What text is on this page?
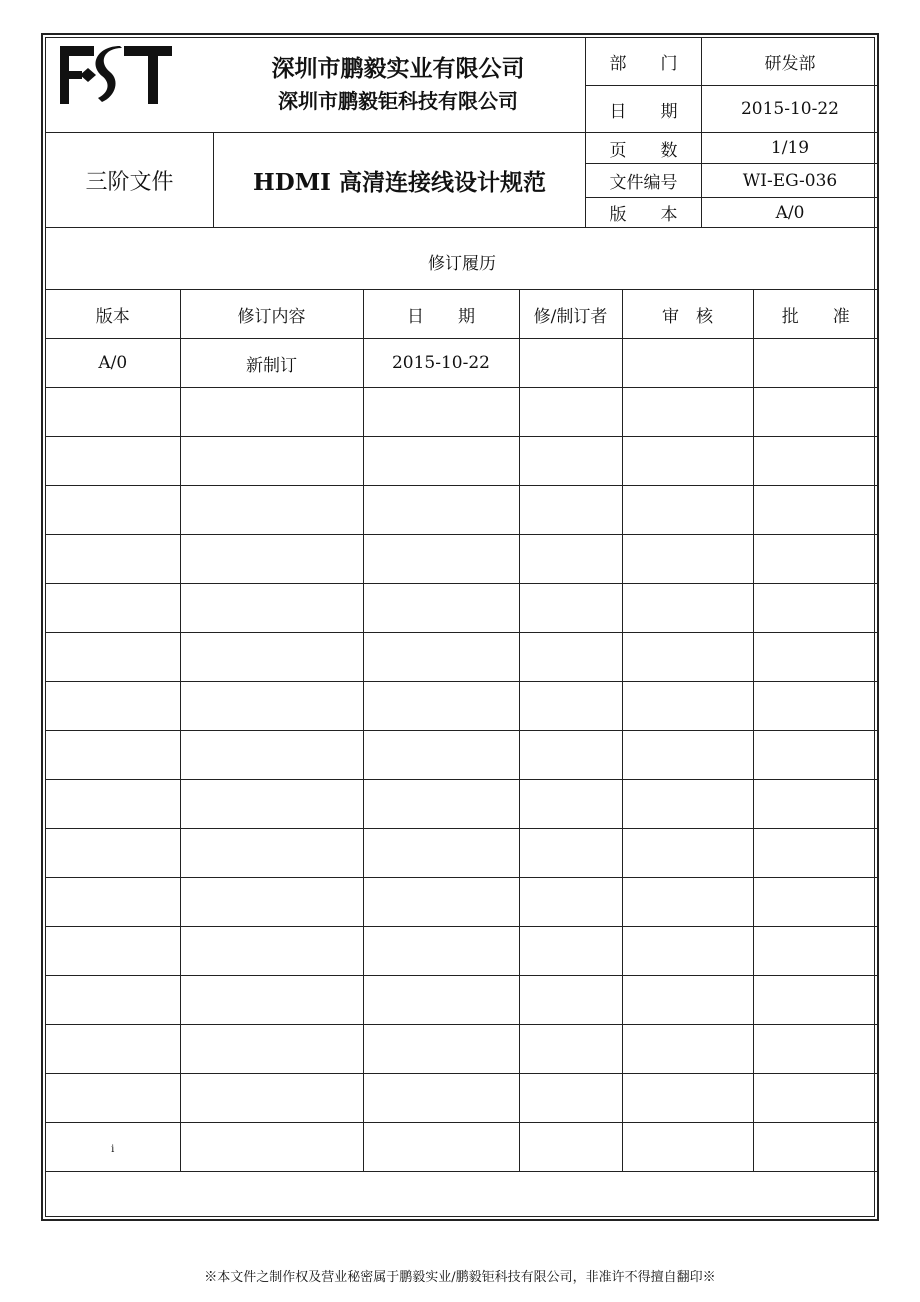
深圳市鹏毅实业有限公司
深圳市鹏毅钜科技有限公司
三阶文件	HDMI 高清连接线设计规范
部　　门	研发部
日　　期	2015-10-22
页　　数	1/19
文件编号	WI-EG-036
版　　本	A/0
修订履历					
版本	修订内容	日　　期	修/制订者	审　核	批　　准
A/0	新制订	2015-10-22			

i					
※本文件之制作权及营业秘密属于鹏毅实业/鹏毅钜科技有限公司，非准许不得擅自翻印※
